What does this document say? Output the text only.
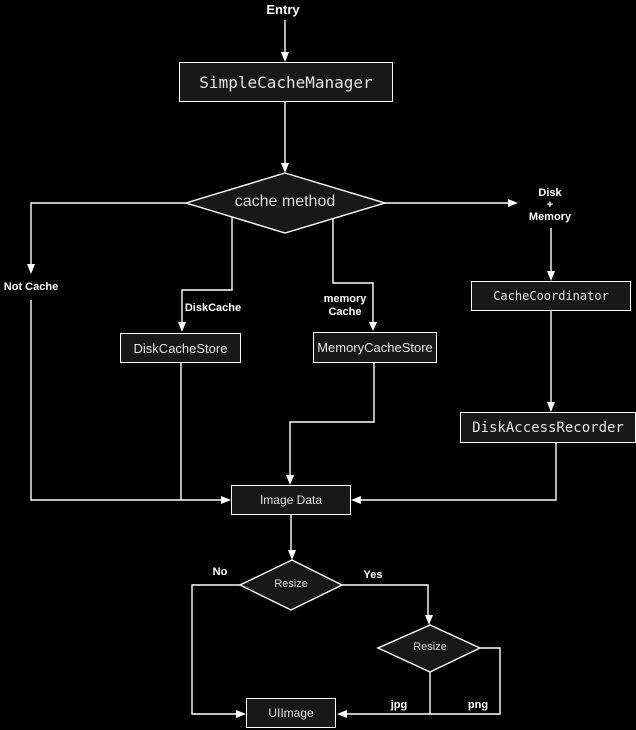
SimpleCacheManager
DiskCacheStore	MemoryCacheStore
CacheCoordinator
DiskAccessRecorder
Image Data
UIImage
cache method
Resize
Resize
Entry
Not Cache
DiskCache
memory
Cache
Disk
+
Memory
No	Yes
jpg	png
